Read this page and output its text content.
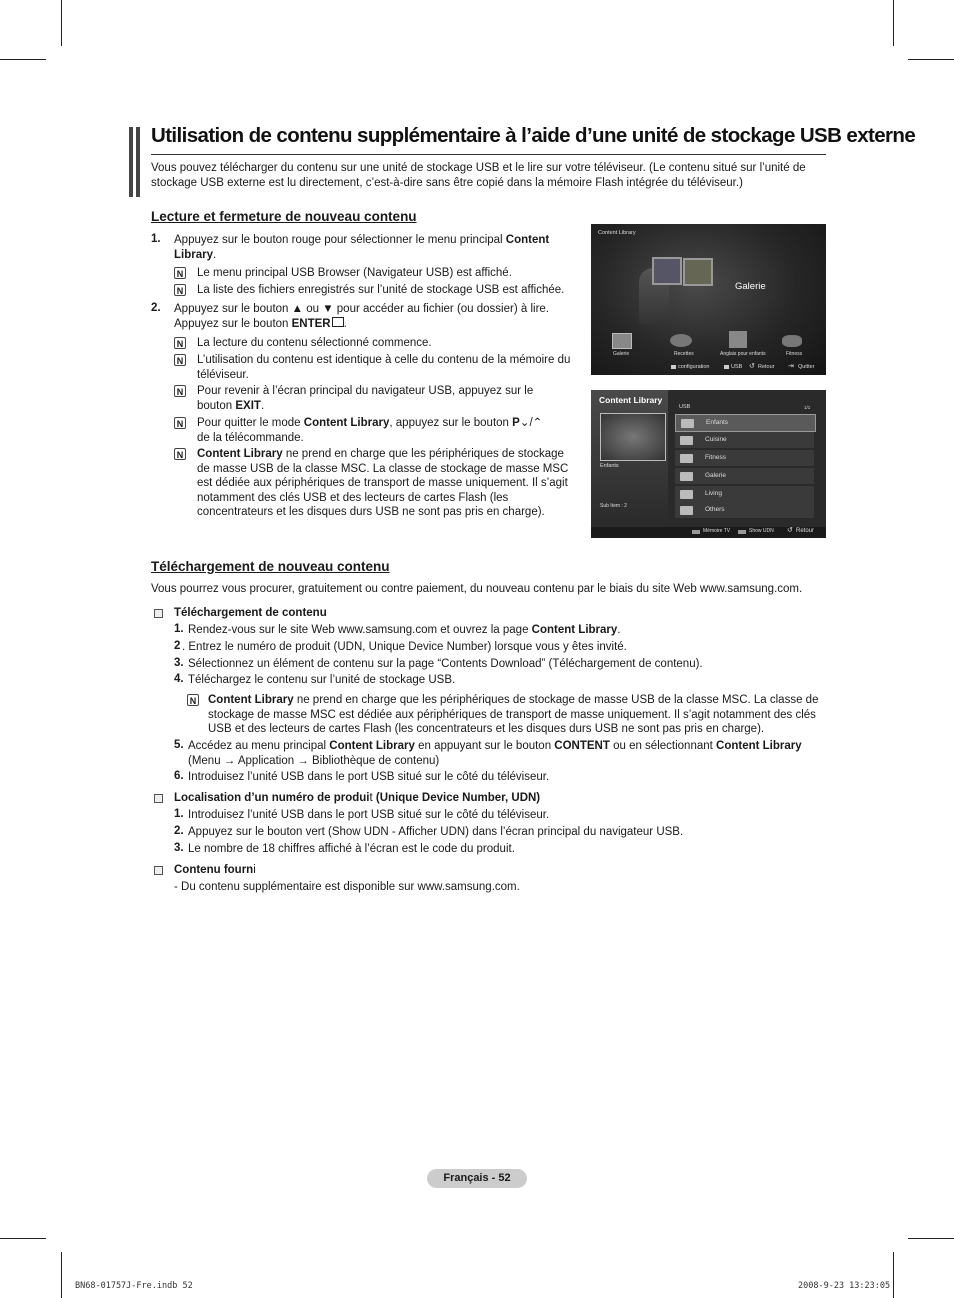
Utilisation de contenu supplémentaire à l’aide d’une unité de stockage USB externe

Vous pouvez télécharger du contenu sur une unité de stockage USB et le lire sur votre téléviseur. (Le contenu situé sur l’unité de stockage USB externe est lu directement, c’est-à-dire sans être copié dans la mémoire Flash intégrée du téléviseur.)

Lecture et fermeture de nouveau contenu
1. Appuyez sur le bouton rouge pour sélectionner le menu principal Content Library.

N Le menu principal USB Browser (Navigateur USB) est affiché.

N La liste des fichiers enregistrés sur l’unité de stockage USB est affichée.

2. Appuyez sur le bouton ▲ ou ▼ pour accéder au fichier (ou dossier) à lire.
Appuyez sur le bouton ENTER .

N La lecture du contenu sélectionné commence.

N L’utilisation du contenu est identique à celle du contenu de la mémoire du téléviseur.

N Pour revenir à l’écran principal du navigateur USB, appuyez sur le bouton EXIT.

N Pour quitter le mode Content Library, appuyez sur le bouton P⌄/⌃
de la télécommande.

N Content Library ne prend en charge que les périphériques de stockage de masse USB de la classe MSC. La classe de stockage de masse MSC est dédiée aux périphériques de transport de masse uniquement. Il s’agit notamment des clés USB et des lecteurs de cartes Flash (les concentrateurs et les disques durs USB ne sont pas pris en charge).

Content Library
Galerie
Galerie	Recettes	Anglais pour enfants	Fitness
configuration	USB ↺ Retour ⇥ Quitter
Content Library
Enfants
Sub Item : 2
USB	1/1
Enfants
Cuisine
Fitness
Galerie
Living
Others
Mémoire TV	Show UDN ↺ Retour
Téléchargement de nouveau contenu

Vous pourrez vous procurer, gratuitement ou contre paiement, du nouveau contenu par le biais du site Web www.samsung.com.

Téléchargement de contenu
1. Rendez-vous sur le site Web www.samsung.com et ouvrez la page Content Library.

2 . Entrez le numéro de produit (UDN, Unique Device Number) lorsque vous y êtes invité.

3. Sélectionnez un élément de contenu sur la page “Contents Download” (Téléchargement de contenu).

4. Téléchargez le contenu sur l’unité de stockage USB.

N Content Library ne prend en charge que les périphériques de stockage de masse USB de la classe MSC. La classe de stockage de masse MSC est dédiée aux périphériques de transport de masse uniquement. Il s’agit notamment des clés USB et des lecteurs de cartes Flash (les concentrateurs et les disques durs USB ne sont pas pris en charge).

5. Accédez au menu principal Content Library en appuyant sur le bouton CONTENT ou en sélectionnant Content Library (Menu → Application → Bibliothèque de contenu)

6. Introduisez l’unité USB dans le port USB situé sur le côté du téléviseur.

Localisation d’un numéro de produit (Unique Device Number, UDN)
1. Introduisez l’unité USB dans le port USB situé sur le côté du téléviseur.

2. Appuyez sur le bouton vert (Show UDN - Afficher UDN) dans l’écran principal du navigateur USB.

3. Le nombre de 18 chiffres affiché à l’écran est le code du produit.

Contenu fourni

- Du contenu supplémentaire est disponible sur www.samsung.com.

Français - 52
BN68-01757J-Fre.indb 52	2008-9-23 13:23:05
